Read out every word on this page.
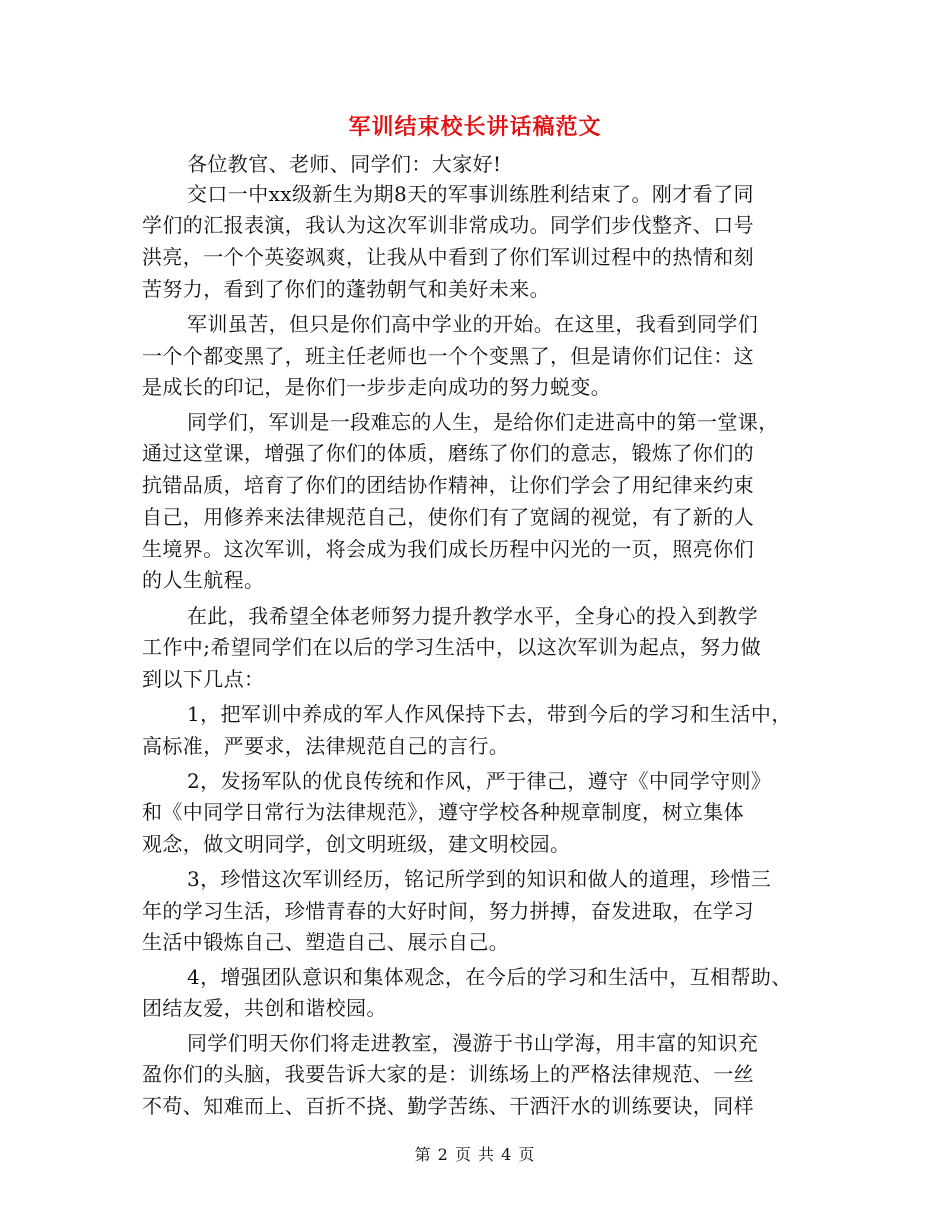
军训结束校长讲话稿范文
各位教官、老师、同学们：大家好!
交口一中xx级新生为期8天的军事训练胜利结束了。刚才看了同
学们的汇报表演，我认为这次军训非常成功。同学们步伐整齐、口号
洪亮，一个个英姿飒爽，让我从中看到了你们军训过程中的热情和刻
苦努力，看到了你们的蓬勃朝气和美好未来。
军训虽苦，但只是你们高中学业的开始。在这里，我看到同学们
一个个都变黑了，班主任老师也一个个变黑了，但是请你们记住：这
是成长的印记，是你们一步步走向成功的努力蜕变。
同学们，军训是一段难忘的人生，是给你们走进高中的第一堂课，
通过这堂课，增强了你们的体质，磨练了你们的意志，锻炼了你们的
抗错品质，培育了你们的团结协作精神，让你们学会了用纪律来约束
自己，用修养来法律规范自己，使你们有了宽阔的视觉，有了新的人
生境界。这次军训，将会成为我们成长历程中闪光的一页，照亮你们
的人生航程。
在此，我希望全体老师努力提升教学水平，全身心的投入到教学
工作中;希望同学们在以后的学习生活中，以这次军训为起点，努力做
到以下几点：
1，把军训中养成的军人作风保持下去，带到今后的学习和生活中，
高标准，严要求，法律规范自己的言行。
2，发扬军队的优良传统和作风，严于律己，遵守《中同学守则》
和《中同学日常行为法律规范》，遵守学校各种规章制度，树立集体
观念，做文明同学，创文明班级，建文明校园。
3，珍惜这次军训经历，铭记所学到的知识和做人的道理，珍惜三
年的学习生活，珍惜青春的大好时间，努力拼搏，奋发进取，在学习
生活中锻炼自己、塑造自己、展示自己。
4，增强团队意识和集体观念，在今后的学习和生活中，互相帮助、
团结友爱，共创和谐校园。
同学们明天你们将走进教室，漫游于书山学海，用丰富的知识充
盈你们的头脑，我要告诉大家的是：训练场上的严格法律规范、一丝
不苟、知难而上、百折不挠、勤学苦练、干洒汗水的训练要诀，同样
第 2 页 共 4 页
